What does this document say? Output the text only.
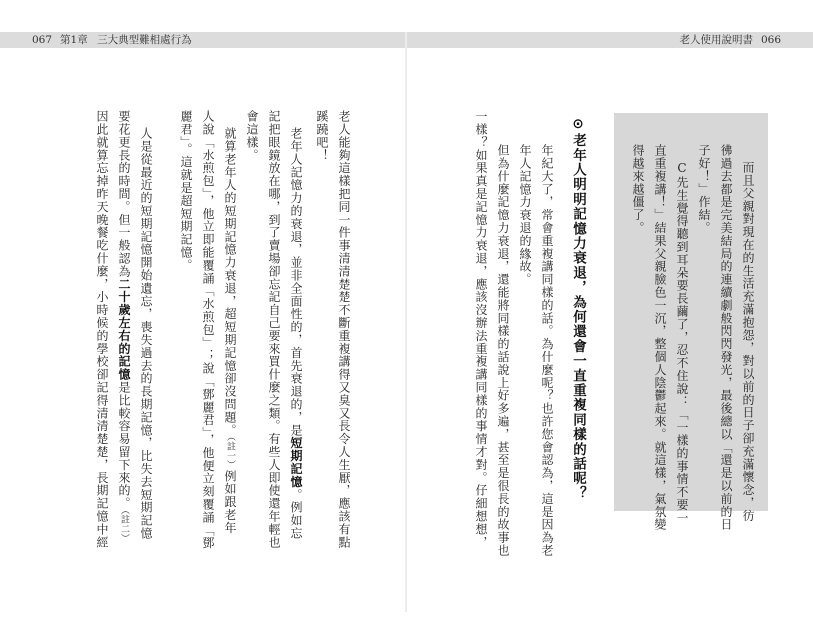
067 第1章 三大典型難相處行為	老人使用說明書 066
而且父親對現在的生活充滿抱怨，對以前的日子卻充滿懷念，彷
彿過去都是完美結局的連續劇般閃閃發光，最後總以「還是以前的日
子好！」作結。
C先生覺得聽到耳朵要長繭了，忍不住說：「一樣的事情不要一
直重複講！」結果父親臉色一沉，整個人陰鬱起來。就這樣，氣氛變
得越來越僵了。
⊙老年人明明記憶力衰退，為何還會一直重複同樣的話呢？
年紀大了，常會重複講同樣的話。為什麼呢？也許您會認為，這是因為老
年人記憶力衰退的緣故。
但為什麼記憶力衰退，還能將同樣的話說上好多遍，甚至是很長的故事也
一樣？如果真是記憶力衰退，應該沒辦法重複講同樣的事情才對。仔細想想，
老人能夠這樣把同一件事清清楚楚不斷重複講得又臭又長令人生厭，應該有點
蹊蹺吧！
老年人記憶力的衰退，並非全面性的，首先衰退的，是短期記憶。例如忘
記把眼鏡放在哪，到了賣場卻忘記自己要來買什麼之類。有些人即使還年輕也
會這樣。
就算老年人的短期記憶力衰退，超短期記憶卻沒問題。（註一）例如跟老年
人說「水煎包」，他立即能覆誦「水煎包」；說「鄧麗君」，他便立刻覆誦「鄧
麗君」。這就是超短期記憶。
人是從最近的短期記憶開始遺忘，喪失過去的長期記憶，比失去短期記憶
要花更長的時間。但一般認為二十歲左右的記憶是比較容易留下來的。（註二）
因此就算忘掉昨天晚餐吃什麼，小時候的學校卻記得清清楚楚，長期記憶中經
